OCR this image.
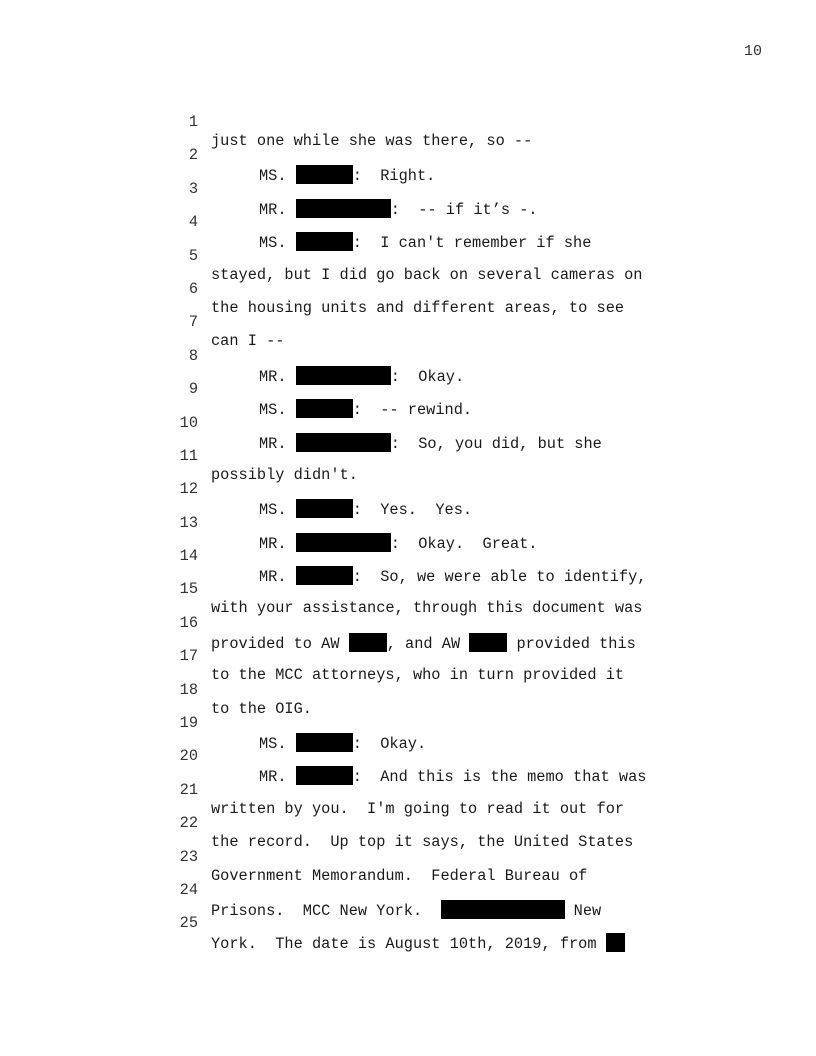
10

1

just one while she was there, so --

2

MS.	:  Right.

3

MR.	:  -- if it’s -.

4

MS.	:  I can't remember if she

5

stayed, but I did go back on several cameras on

6

the housing units and different areas, to see

7

can I --

8

MR.	:  Okay.

9

MS.	:  -- rewind.

10

MR.	:  So, you did, but she

11

possibly didn't.

12

MS.	:  Yes.  Yes.

13

MR.	:  Okay.  Great.

14

MR.	:  So, we were able to identify,

15

with your assistance, through this document was

16

provided to AW , and AW  provided this

17

to the MCC attorneys, who in turn provided it

18

to the OIG.

19

MS.	:  Okay.

20

MR.	:  And this is the memo that was

21

written by you.  I'm going to read it out for

22

the record.  Up top it says, the United States

23

Government Memorandum.  Federal Bureau of

24

Prisons.  MCC New York.	New

25

York.  The date is August 10th, 2019, from
